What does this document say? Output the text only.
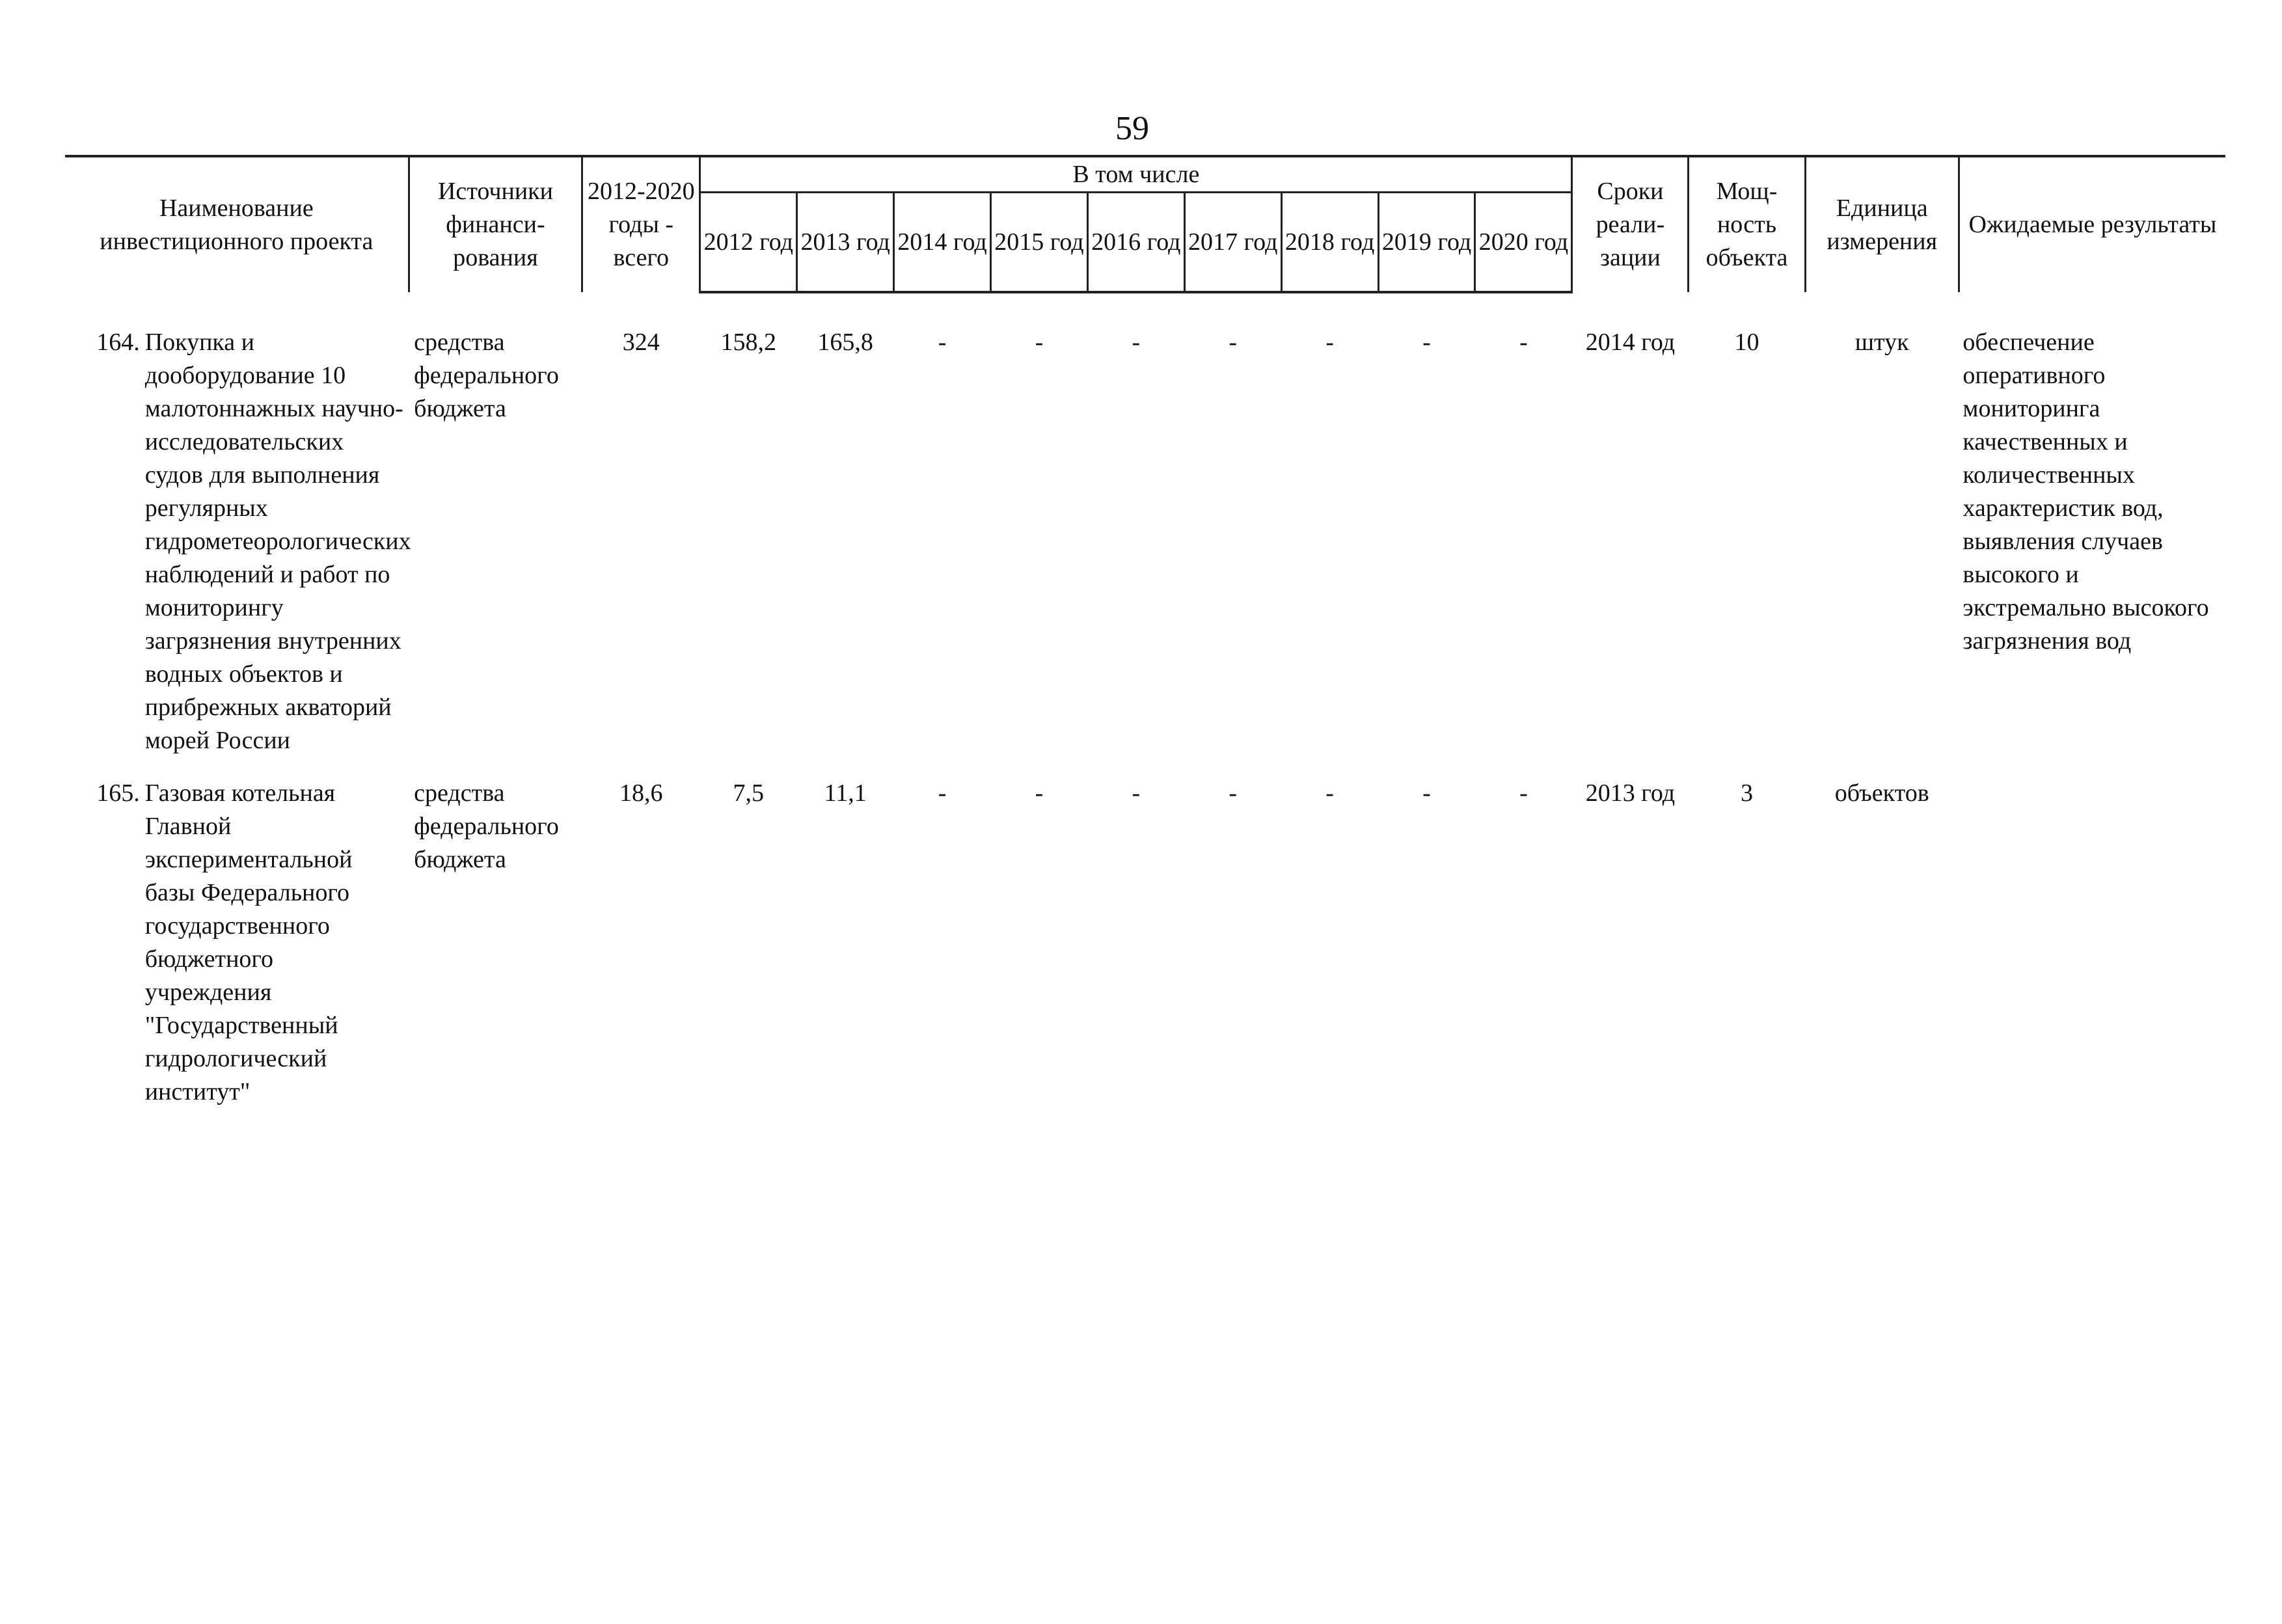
59
Наименование инвестиционного проекта		Источники финанси-рования	2012-2020 годы - всего	В том числе									Сроки реали-зации	Мощ-ность объекта	Единица измерения	Ожидаемые результаты
				2012 год	2013 год	2014 год	2015 год	2016 год	2017 год	2018 год	2019 год	2020 год				

164.	Покупка и дооборудование 10 малотоннажных научно-исследовательских судов для выполнения регулярных гидрометеорологических наблюдений и работ по мониторингу загрязнения внутренних водных объектов и прибрежных акваторий морей России	средства федерального бюджета	324	158,2	165,8	-	-	-	-	-	-	-	2014 год	10	штук	обеспечение оперативного мониторинга качественных и количественных характеристик вод, выявления случаев высокого и экстремально высокого загрязнения вод

165.	Газовая котельная Главной экспериментальной базы Федерального государственного бюджетного учреждения "Государственный гидрологический институт"	средства федерального бюджета	18,6	7,5	11,1	-	-	-	-	-	-	-	2013 год	3	объектов	
